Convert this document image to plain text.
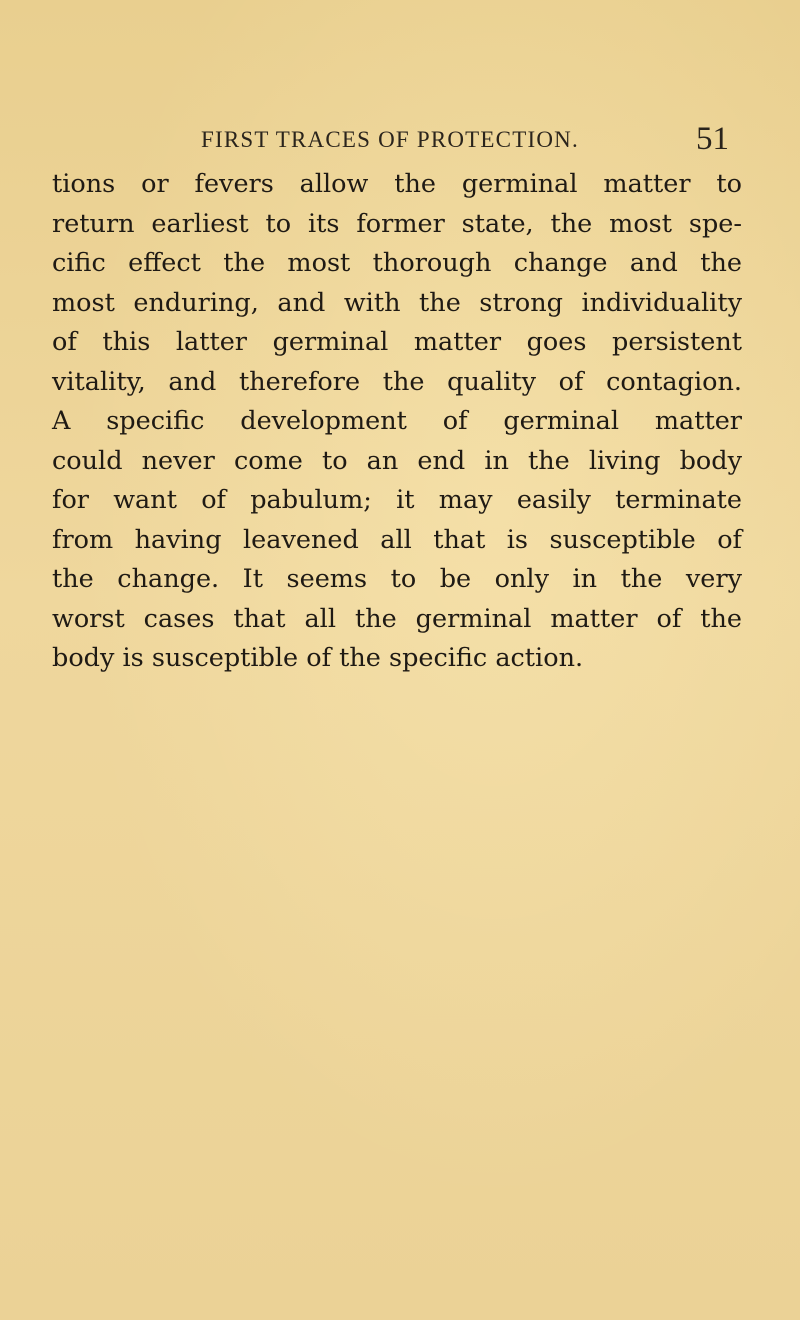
FIRST TRACES OF PROTECTION.	51
tions or fevers allow the germinal matter to
return earliest to its former state, the most spe-
cific effect the most thorough change and the
most enduring, and with the strong individuality
of this latter germinal matter goes persistent
vitality, and therefore the quality of contagion.
A specific development of germinal matter
could never come to an end in the living body
for want of pabulum; it may easily terminate
from having leavened all that is susceptible of
the change. It seems to be only in the very
worst cases that all the germinal matter of the
body is susceptible of the specific action.
